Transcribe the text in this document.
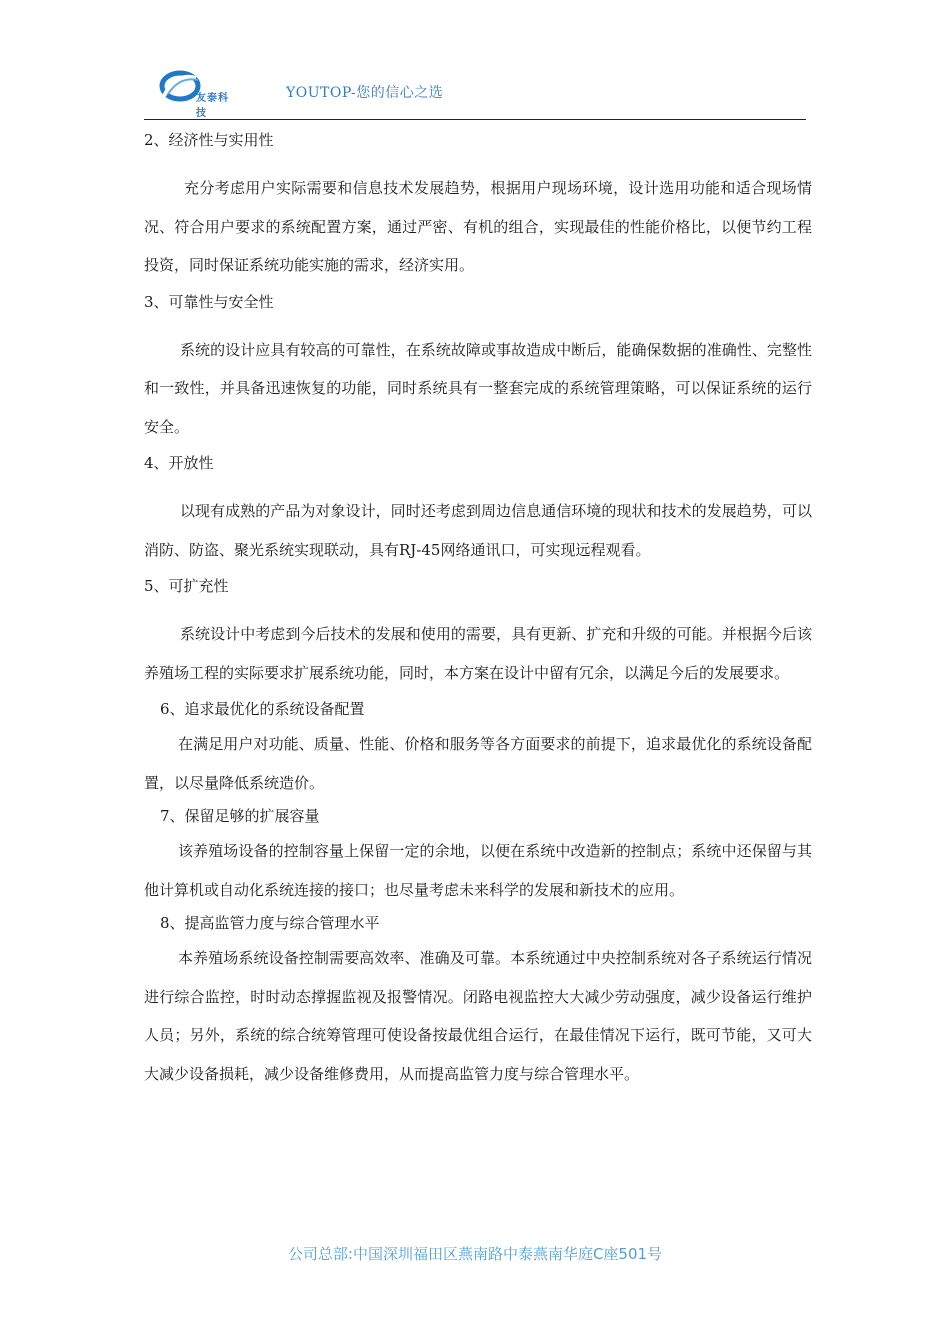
友泰科技
YOUTOP-您的信心之选
2、经济性与实用性

充分考虑用户实际需要和信息技术发展趋势，根据用户现场环境，设计选用功能和适合现场情况、符合用户要求的系统配置方案，通过严密、有机的组合，实现最佳的性能价格比，以便节约工程投资，同时保证系统功能实施的需求，经济实用。

3、可靠性与安全性

系统的设计应具有较高的可靠性，在系统故障或事故造成中断后，能确保数据的准确性、完整性和一致性，并具备迅速恢复的功能，同时系统具有一整套完成的系统管理策略，可以保证系统的运行安全。

4、开放性

以现有成熟的产品为对象设计，同时还考虑到周边信息通信环境的现状和技术的发展趋势，可以消防、防盗、聚光系统实现联动，具有RJ-45网络通讯口，可实现远程观看。

5、可扩充性

系统设计中考虑到今后技术的发展和使用的需要，具有更新、扩充和升级的可能。并根据今后该养殖场工程的实际要求扩展系统功能，同时，本方案在设计中留有冗余，以满足今后的发展要求。

6、追求最优化的系统设备配置

在满足用户对功能、质量、性能、价格和服务等各方面要求的前提下，追求最优化的系统设备配置，以尽量降低系统造价。

7、保留足够的扩展容量

该养殖场设备的控制容量上保留一定的余地，以便在系统中改造新的控制点；系统中还保留与其他计算机或自动化系统连接的接口；也尽量考虑未来科学的发展和新技术的应用。

8、提高监管力度与综合管理水平

本养殖场系统设备控制需要高效率、准确及可靠。本系统通过中央控制系统对各子系统运行情况进行综合监控，时时动态撑握监视及报警情况。闭路电视监控大大减少劳动强度，减少设备运行维护人员；另外，系统的综合统筹管理可使设备按最优组合运行，在最佳情况下运行，既可节能，又可大大减少设备损耗，减少设备维修费用，从而提高监管力度与综合管理水平。

公司总部:中国深圳福田区燕南路中泰燕南华庭C座501号
